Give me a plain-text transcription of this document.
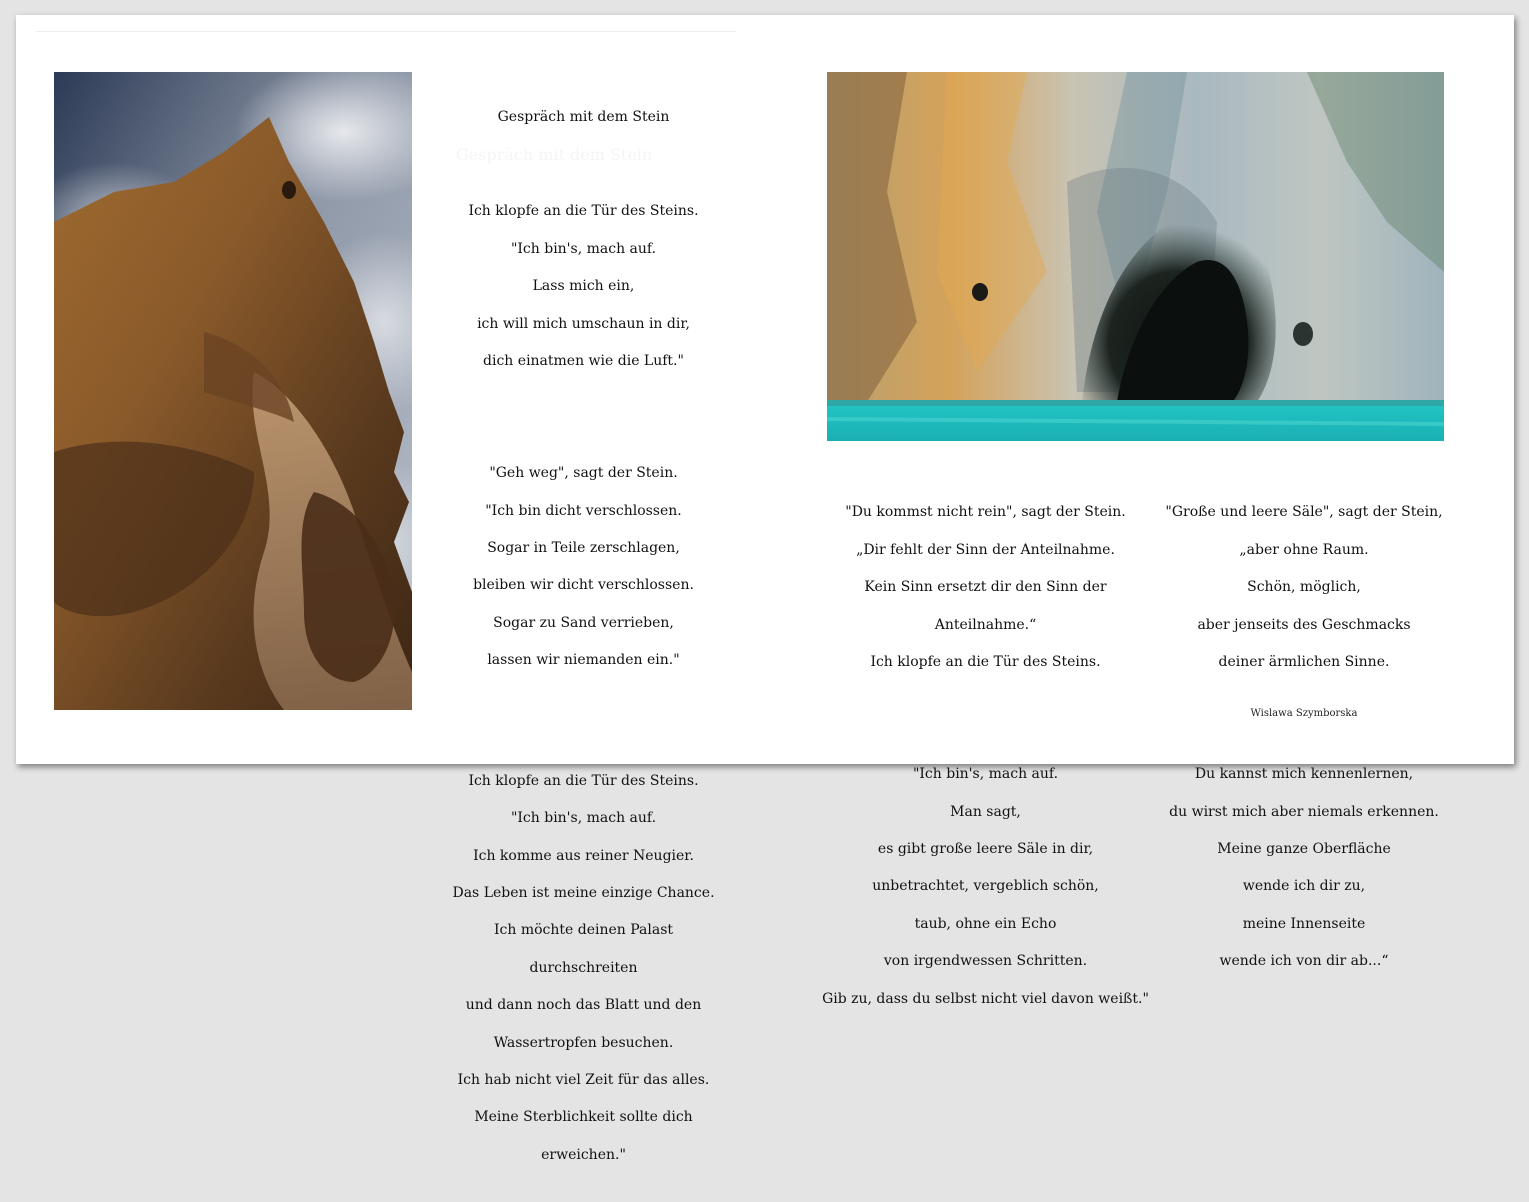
Gespräch mit dem Stein

Ich klopfe an die Tür des Steins.

"Ich bin's, mach auf.

Lass mich ein,

ich will mich umschaun in dir,

dich einatmen wie die Luft."

"Geh weg", sagt der Stein.

"Ich bin dicht verschlossen.

Sogar in Teile zerschlagen,

bleiben wir dicht verschlossen.

Sogar zu Sand verrieben,

lassen wir niemanden ein."

Ich klopfe an die Tür des Steins.

"Ich bin's, mach auf.

Ich komme aus reiner Neugier.

Das Leben ist meine einzige Chance.

Ich möchte deinen Palast

durchschreiten

und dann noch das Blatt und den

Wassertropfen besuchen.

Ich hab nicht viel Zeit für das alles.

Meine Sterblichkeit sollte dich

erweichen."

"Du kommst nicht rein", sagt der Stein.

„Dir fehlt der Sinn der Anteilnahme.

Kein Sinn ersetzt dir den Sinn der

Anteilnahme.“

Ich klopfe an die Tür des Steins.

"Ich bin's, mach auf.

Man sagt,

es gibt große leere Säle in dir,

unbetrachtet, vergeblich schön,

taub, ohne ein Echo

von irgendwessen Schritten.

Gib zu, dass du selbst nicht viel davon weißt."

"Große und leere Säle", sagt der Stein,

„aber ohne Raum.

Schön, möglich,

aber jenseits des Geschmacks

deiner ärmlichen Sinne.

Du kannst mich kennenlernen,

du wirst mich aber niemals erkennen.

Meine ganze Oberfläche

wende ich dir zu,

meine Innenseite

wende ich von dir ab...“

Wislawa Szymborska
